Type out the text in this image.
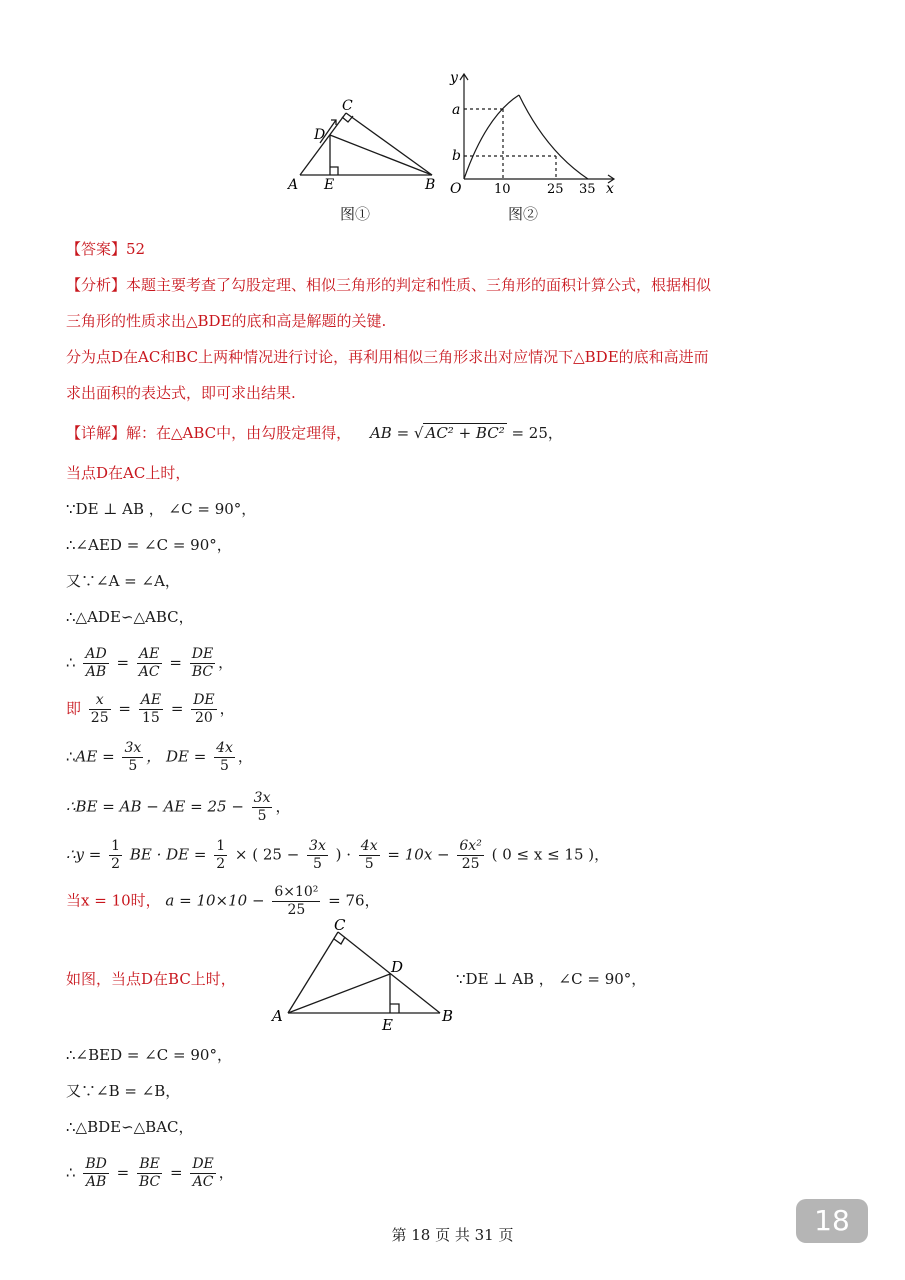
A	B
C
D
E
图①
y
a
b
O	10	25 35 x
图②
【答案】52
【分析】本题主要考查了勾股定理、相似三角形的判定和性质、三角形的面积计算公式，根据相似
三角形的性质求出△BDE的底和高是解题的关键.
分为点D在AC和BC上两种情况进行讨论，再利用相似三角形求出对应情况下△BDE的底和高进而
求出面积的表达式，即可求出结果.
【详解】解：在△ABC中，由勾股定理得， AB = √ AC² + BC² = 25，
当点D在AC上时，
∵DE ⊥ AB ， ∠C = 90°，
∴∠AED = ∠C = 90°，
又∵∠A = ∠A，
∴△ADE∽△ABC，
∴ $\frac{AD}{AB} = \frac{AE}{AC} = \frac{DE}{BC}$ ，
即 $\frac{x}{25} = \frac{AE}{15} = \frac{DE}{20}$ ，
∴AE = $\frac{3x}{5}$ ， DE = $\frac{4x}{5}$ ，
∴BE = AB − AE = $25 - \frac{3x}{5}$ ，
∴y = $\frac{1}{2}$ BE · DE = $\frac{1}{2}$ × ( $25 - \frac{3x}{5}$ ) · $\frac{4x}{5} = 10x - \frac{\text{6x²}}{25}$ ( 0 ≤ x ≤ 15 )，
当x = 10时， $a = 10\times 10 - \frac{\text{6×10²}}{25} = 76$，
如图，当点D在BC上时，
A	B
C
D
E
∵DE ⊥ AB ， ∠C = 90°，
∴∠BED = ∠C = 90°，
又∵∠B = ∠B，
∴△BDE∽△BAC，
∴ $\frac{BD}{AB} = \frac{BE}{BC} = \frac{DE}{AC}$ ，
第 18 页 共 31 页	18
